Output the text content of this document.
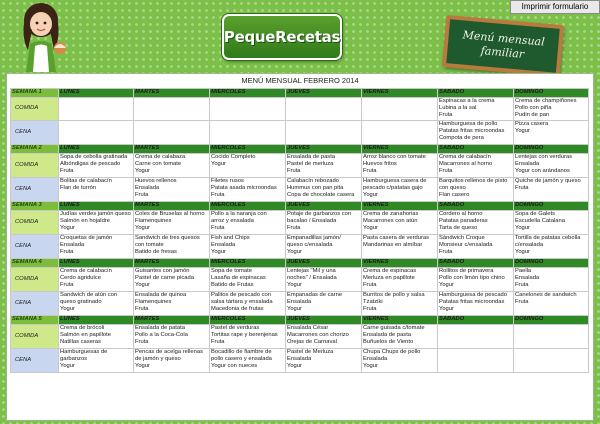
Imprimir formulario
Nuria
PequeRecetas	Menú mensual
familiar
MENÚ MENSUAL FEBRERO 2014
SEMANA 1	LUNES	MARTES	MIÉRCOLES	JUEVES	VIERNES	SÁBADO	DOMINGO
COMIDA						Espinacas a la crema
Lubina a la sal
Fruta	Crema de champiñones
Pollo con piña
Pudin de pan

CENA						Hamburguesa de pollo
Patatas fritas microondas
Compota de pera	Pizza casera
Yogur

SEMANA 2	LUNES	MARTES	MIÉRCOLES	JUEVES	VIERNES	SÁBADO	DOMINGO
COMIDA	Sopa de cebolla gratinada
Albóndigas de pescado
Fruta	Crema de calabaza
Carne con tomate
Yogur	Cocido Completo
Yogur	Ensalada de pasta
Pastel de merluza
Fruta	Arroz blanco con tomate
Huevos fritos
Fruta	Crema de calabacín
Macarrones al horno
Fruta	Lentejas con verduras
Ensalada
Yogur con arándanos

CENA	Bolitas de calabacín
Flan de turrón	Huevos rellenos
Ensalada
Fruta	Filetes rusos
Patata asada microondas
Fruta	Calabacín rebozado
Hummus con pan pita
Copa de chocolate casera	Hamburguesa casera de
pescado c/patatas gajo
Yogur	Barquitos rellenos de pisto
con queso
Flan casero	Quiche de jamón y queso
Fruta

SEMANA 3	LUNES	MARTES	MIÉRCOLES	JUEVES	VIERNES	SÁBADO	DOMINGO
COMIDA	Judías verdes jamón queso
Salmón en hojaldre
Yogur	Coles de Bruselas al horno
Flamenquines
Yogur	Pollo a la naranja con
arroz y ensalada
Fruta	Potaje de garbanzos con
bacalao / Ensalada
Fruta	Crema de zanahorias
Macarrones con atún
Yogur	Cordero al horno
Patatas panaderas
Tarta de queso	Sopa de Galets
Escudella Catalana
Yogur

CENA	Croquetas de jamón
Ensalada
Fruta	Sandwich de tres quesos
con tomate
Batido de fresas	Fish and Chips
Ensalada
Yogur	Empanadillas jamón/
queso c/ensalada
Yogur	Pasta casera de verduras
Mandarinas en almíbar	Sándwich Croque
Monsieur c/ensalada
Fruta	Tortilla de patatas cebolla
c/ensalada
Yogur

SEMANA 4	LUNES	MARTES	MIÉRCOLES	JUEVES	VIERNES	SÁBADO	DOMINGO
COMIDA	Crema de calabacín
Cerdo agridulce
Fruta	Guisantes con jamón
Pastel de carne picada
Yogur	Sopa de tomate
Lasaña de espinacas
Batido de Frutas	Lentejas "Mil y una
noches" / Ensalada
Yogur	Crema de espinacas
Merluza en papillote
Fruta	Rollitos de primavera
Pollo con limón tipo chino
Yogur	Paella
Ensalada
Fruta

CENA	Sandwich de atún con
queso gratinado
Yogur	Ensalada de quinoa
Flamenquines
Fruta	Palitos de pescado con
salsa tártara y ensalada
Macedonia de frutas	Empanadas de carne
Ensalada
Yogur	Burritos de pollo y salsa
Tzatziki
Fruta	Hamburguesa de pescado
Patatas fritas microondas
Yogur	Canelones de sandwich
Fruta

SEMANA 5	LUNES	MARTES	MIÉRCOLES	JUEVES	VIERNES	SÁBADO	DOMINGO
COMIDA	Crema de brócoli
Salmón en papillote
Natillas caseras	Ensalada de patata
Pollo a la Coca-Cola
Fruta	Pastel de verduras
Tortitas rape y berenjenas
Fruta	Ensalada César
Macarrones con chorizo
Orejas de Carnaval	Carne guisada c/tomate
Ensalada de pasta
Buñuelos de Viento		

CENA	Hamburguesas de
garbanzos
Yogur	Pencas de acelga rellenas
de jamón y queso
Yogur	Bocadillo de fiambre de
pollo casero y ensalada
Yogur con nueces	Pastel de Merluza
Ensalada
Yogur	Chupa Chups de pollo
Ensalada
Yogur		
